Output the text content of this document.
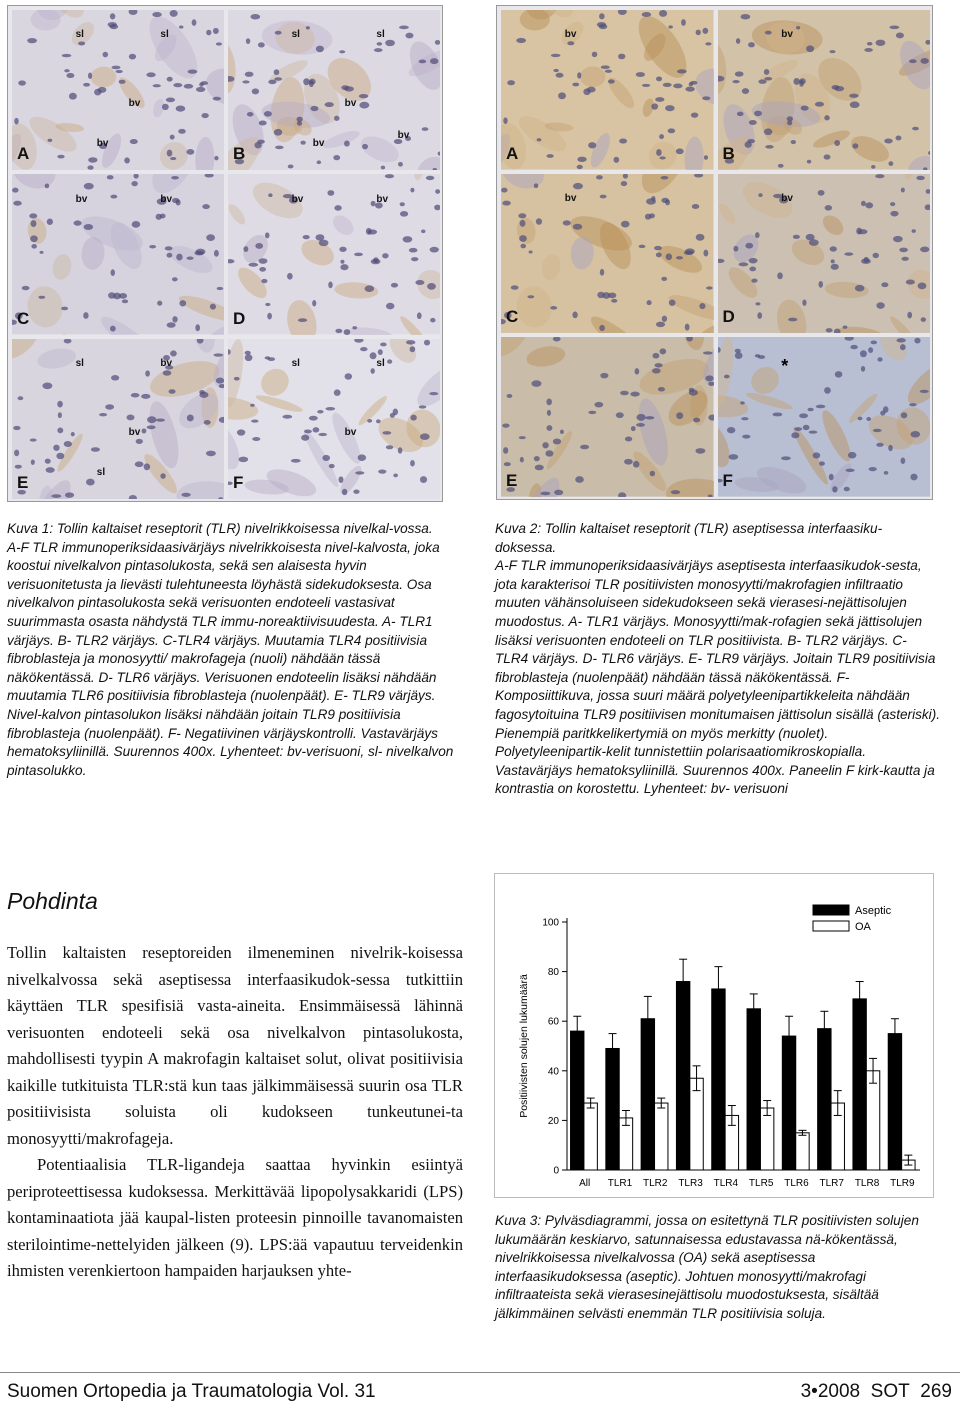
sl	sl
bv
bv
A
sl	sl
bv
bv
bv
B
bv	bv
C
bv	bv
D
sl	bv
bv
sl
E
sl	sl
bv
F
bv
A
bv
B
bv
C
bv
D
E
*
F

Kuva 1: Tollin kaltaiset reseptorit (TLR) nivelrikkoisessa nivelkal-vossa.

A-F TLR immunoperiksidaasivärjäys nivelrikkoisesta nivel-kalvosta, joka koostui nivelkalvon pintasolukosta, sekä sen alaisesta hyvin verisuonitetusta ja lievästi tulehtuneesta löyhästä sidekudoksesta. Osa nivelkalvon pintasolukosta sekä verisuonten endoteeli vastasivat suurimmasta osasta nähdystä TLR immu-noreaktiivisuudesta. A- TLR1 värjäys. B- TLR2 värjäys. C-TLR4 värjäys. Muutamia TLR4 positiivisia fibroblasteja ja monosyytti/ makrofageja (nuoli) nähdään tässä näkökentässä. D- TLR6 värjäys. Verisuonen endoteelin lisäksi nähdään muutamia TLR6 positiivisia fibroblasteja (nuolenpäät). E- TLR9 värjäys. Nivel-kalvon pintasolukon lisäksi nähdään joitain TLR9 positiivisia fibroblasteja (nuolenpäät). F- Negatiivinen värjäyskontrolli. Vastavärjäys hematoksyliinillä. Suurennos 400x. Lyhenteet: bv-verisuoni, sl- nivelkalvon pintasolukko.

Kuva 2: Tollin kaltaiset reseptorit (TLR) aseptisessa interfaasiku-doksessa.

A-F TLR immunoperiksidaasivärjäys aseptisesta interfaasikudok-sesta, jota karakterisoi TLR positiivisten monosyytti/makrofagien infiltraatio muuten vähänsoluiseen sidekudokseen sekä vierasesi-nejättisolujen muodostus. A- TLR1 värjäys. Monosyytti/mak-rofagien sekä jättisolujen lisäksi verisuonten endoteeli on TLR positiivista. B- TLR2 värjäys. C- TLR4 värjäys. D- TLR6 värjäys. E- TLR9 värjäys. Joitain TLR9 positiivisia fibroblasteja (nuolenpäät) nähdään tässä näkökentässä. F- Komposiittikuva, jossa suuri määrä polyetyleenipartikkeleita nähdään fagosytoituina TLR9 positiivisen monitumaisen jättisolun sisällä (asteriski). Pienempiä paritkkelikertymiä on myös merkitty (nuolet). Polyetyleenipartik-kelit tunnistettiin polarisaatiomikroskopialla. Vastavärjäys hematoksyliinillä. Suurennos 400x. Paneelin F kirk-kautta ja kontrastia on korostettu. Lyhenteet: bv- verisuoni

Pohdinta

Tollin kaltaisten reseptoreiden ilmeneminen nivelrik-koisessa nivelkalvossa sekä aseptisessa interfaasikudok-sessa tutkittiin käyttäen TLR spesifisiä vasta-aineita. Ensimmäisessä lähinnä verisuonten endoteeli sekä osa nivelkalvon pintasolukosta, mahdollisesti tyypin A makrofagin kaltaiset solut, olivat positiivisia kaikille tutkituista TLR:stä kun taas jälkimmäisessä suurin osa TLR positiivisista soluista oli kudokseen tunkeutunei-ta monosyytti/makrofageja.

Potentiaalisia TLR-ligandeja saattaa hyvinkin esiintyä periproteettisessa kudoksessa. Merkittävää lipopolysakkaridi (LPS) kontaminaatiota jää kaupal-listen proteesin pinnoille tavanomaisten sterilointime-nettelyiden jälkeen (9). LPS:ää vapautuu terveidenkin ihmisten verenkiertoon hampaiden harjauksen yhte-

0
20
40
60
80
100
Positiivisten solujen lukumäärä
All TLR1 TLR2 TLR3 TLR4 TLR5 TLR6 TLR7 TLR8 TLR9
Aseptic
OA

Kuva 3: Pylväsdiagrammi, jossa on esitettynä TLR positiivisten solujen lukumäärän keskiarvo, satunnaisessa edustavassa nä-kökentässä, nivelrikkoisessa nivelkalvossa (OA) sekä aseptisessa interfaasikudoksessa (aseptic). Johtuen monosyytti/makrofagi infiltraateista sekä vierasesinejättisolu muodostuksesta, sisältää jälkimmäinen selvästi enemmän TLR positiivisia soluja.

Suomen Ortopedia ja Traumatologia Vol. 31	3•2008 SOT 269
